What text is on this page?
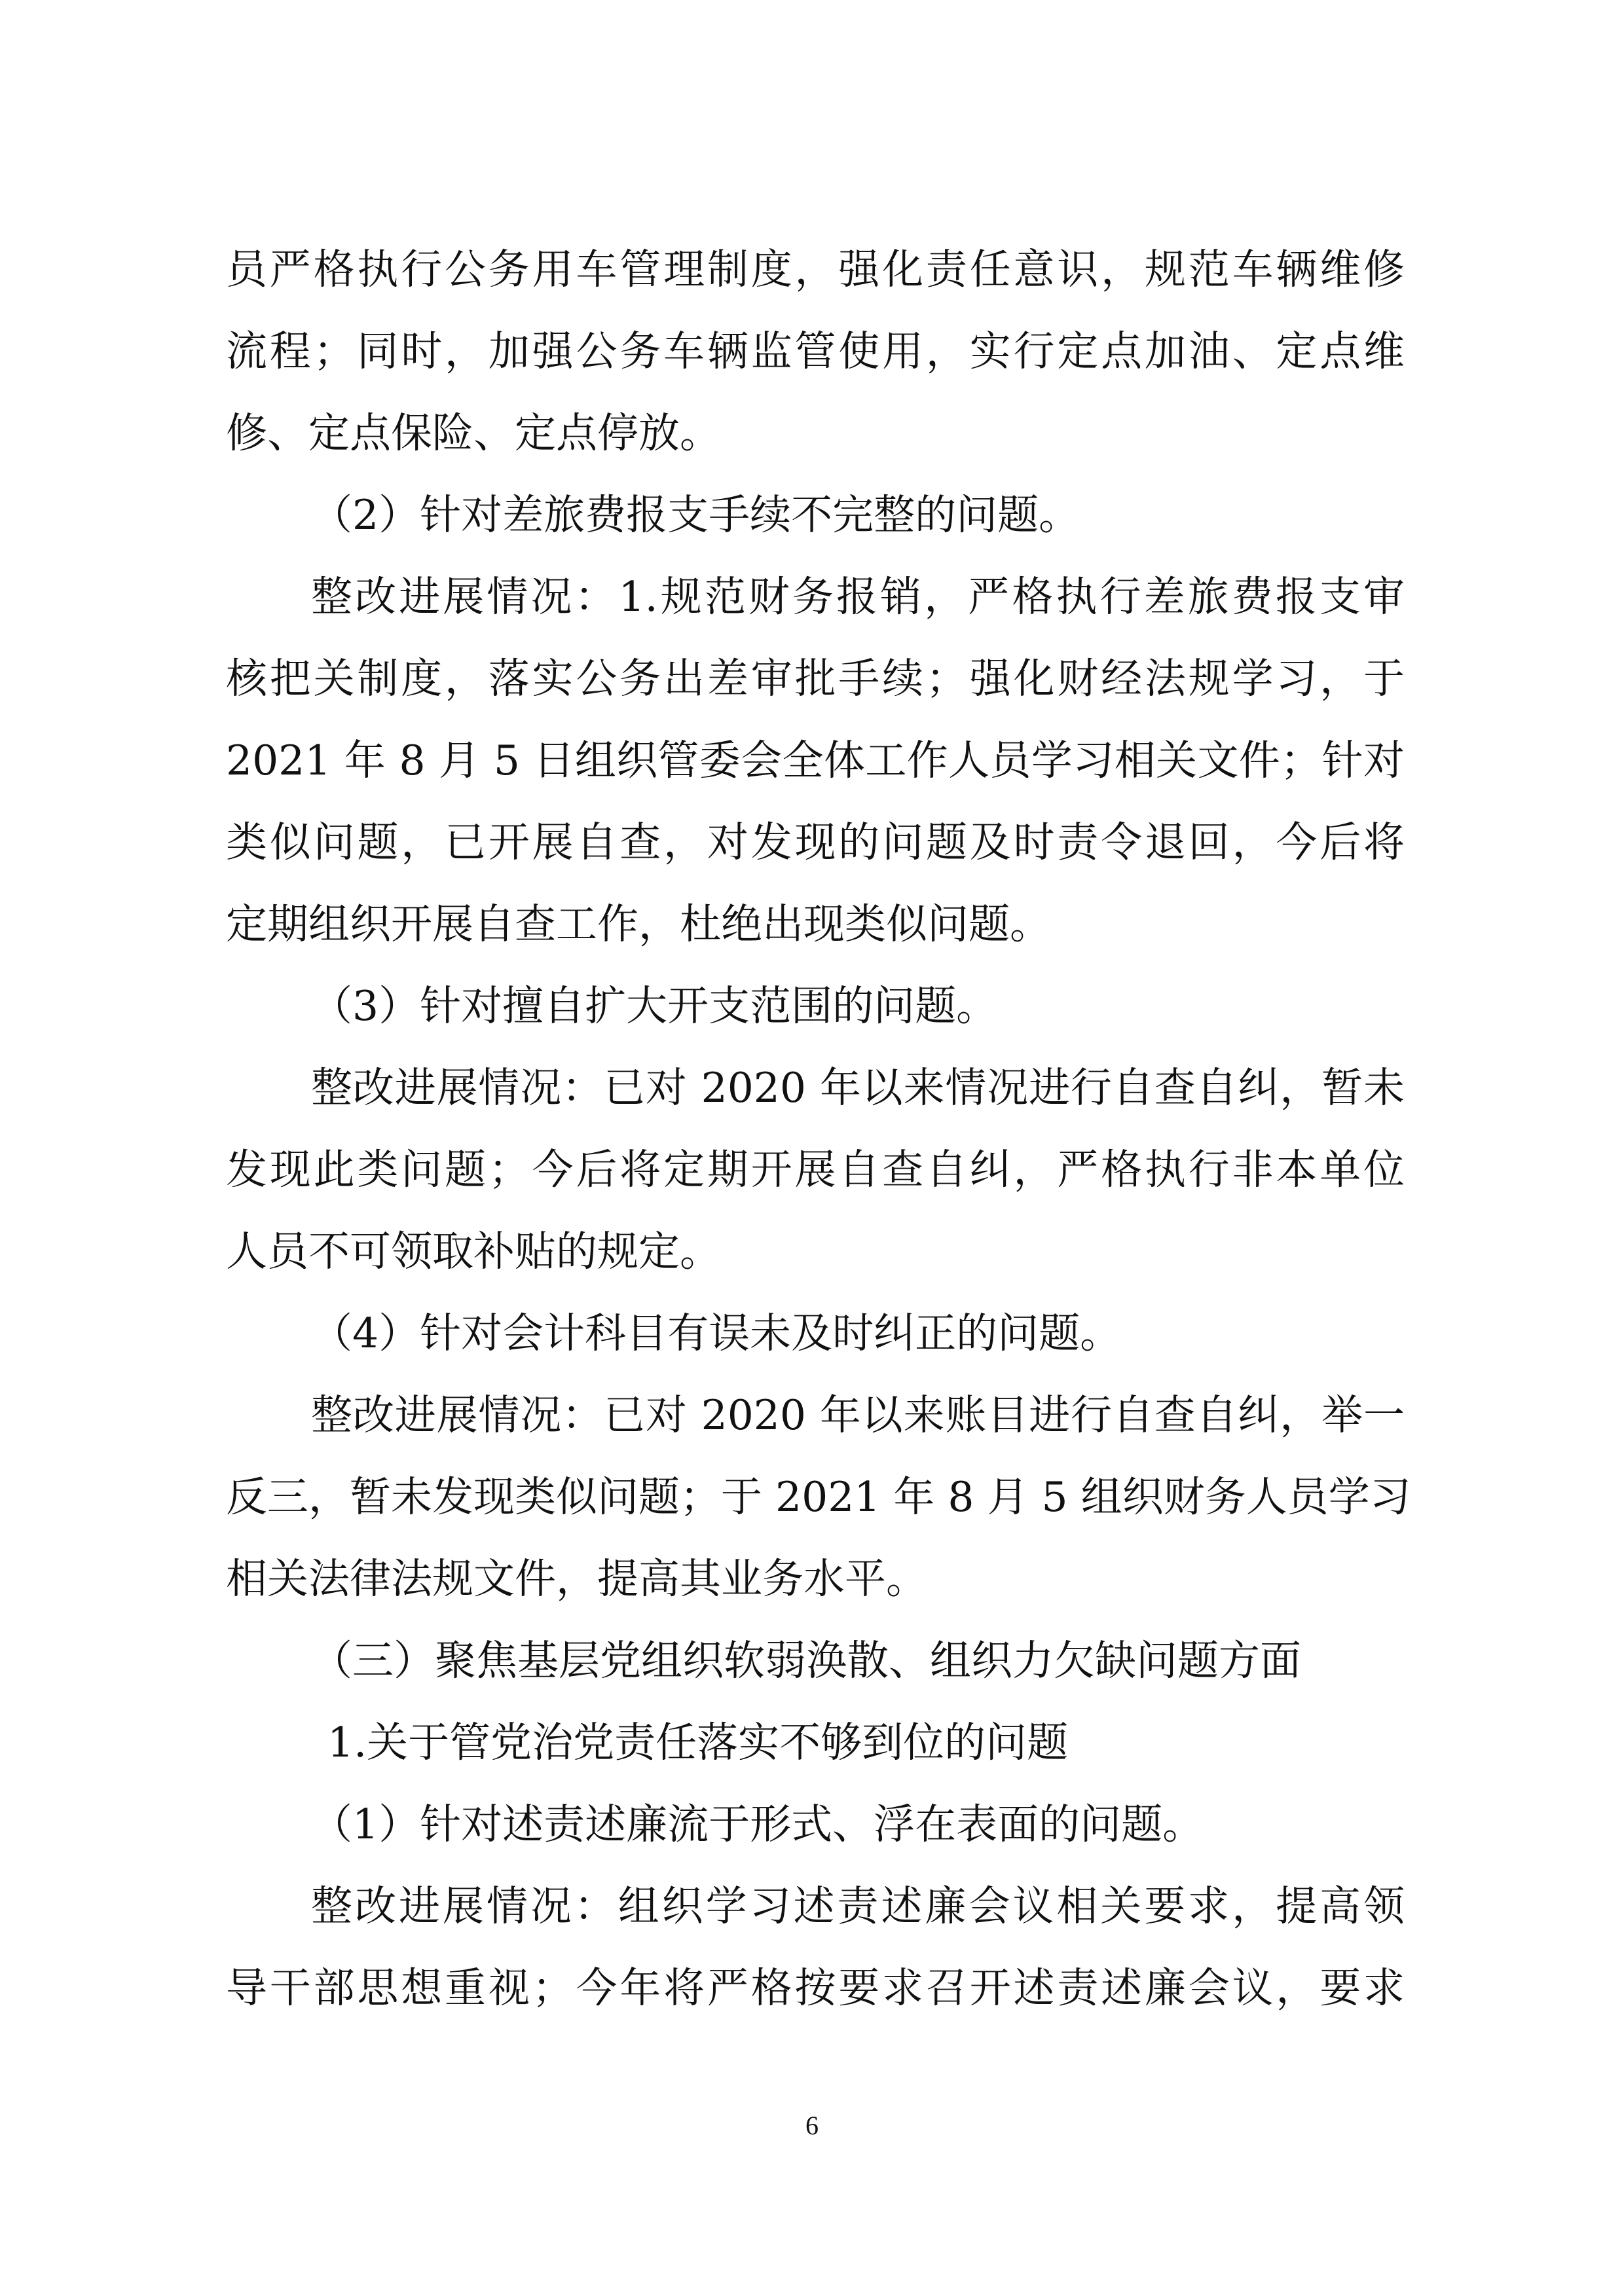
员严格执行公务用车管理制度，强化责任意识，规范车辆维修

流程；同时，加强公务车辆监管使用，实行定点加油、定点维

修、定点保险、定点停放。

（2）针对差旅费报支手续不完整的问题。

整改进展情况：1.规范财务报销，严格执行差旅费报支审

核把关制度，落实公务出差审批手续；强化财经法规学习，于

2021 年 8 月 5 日组织管委会全体工作人员学习相关文件；针对

类似问题，已开展自查，对发现的问题及时责令退回，今后将

定期组织开展自查工作，杜绝出现类似问题。

（3）针对擅自扩大开支范围的问题。

整改进展情况：已对 2020 年以来情况进行自查自纠，暂未

发现此类问题；今后将定期开展自查自纠，严格执行非本单位

人员不可领取补贴的规定。

（4）针对会计科目有误未及时纠正的问题。

整改进展情况：已对 2020 年以来账目进行自查自纠，举一

反三，暂未发现类似问题；于 2021 年 8 月 5 组织财务人员学习

相关法律法规文件，提高其业务水平。

（三）聚焦基层党组织软弱涣散、组织力欠缺问题方面

1.关于管党治党责任落实不够到位的问题

（1）针对述责述廉流于形式、浮在表面的问题。

整改进展情况：组织学习述责述廉会议相关要求，提高领

导干部思想重视；今年将严格按要求召开述责述廉会议，要求

6
